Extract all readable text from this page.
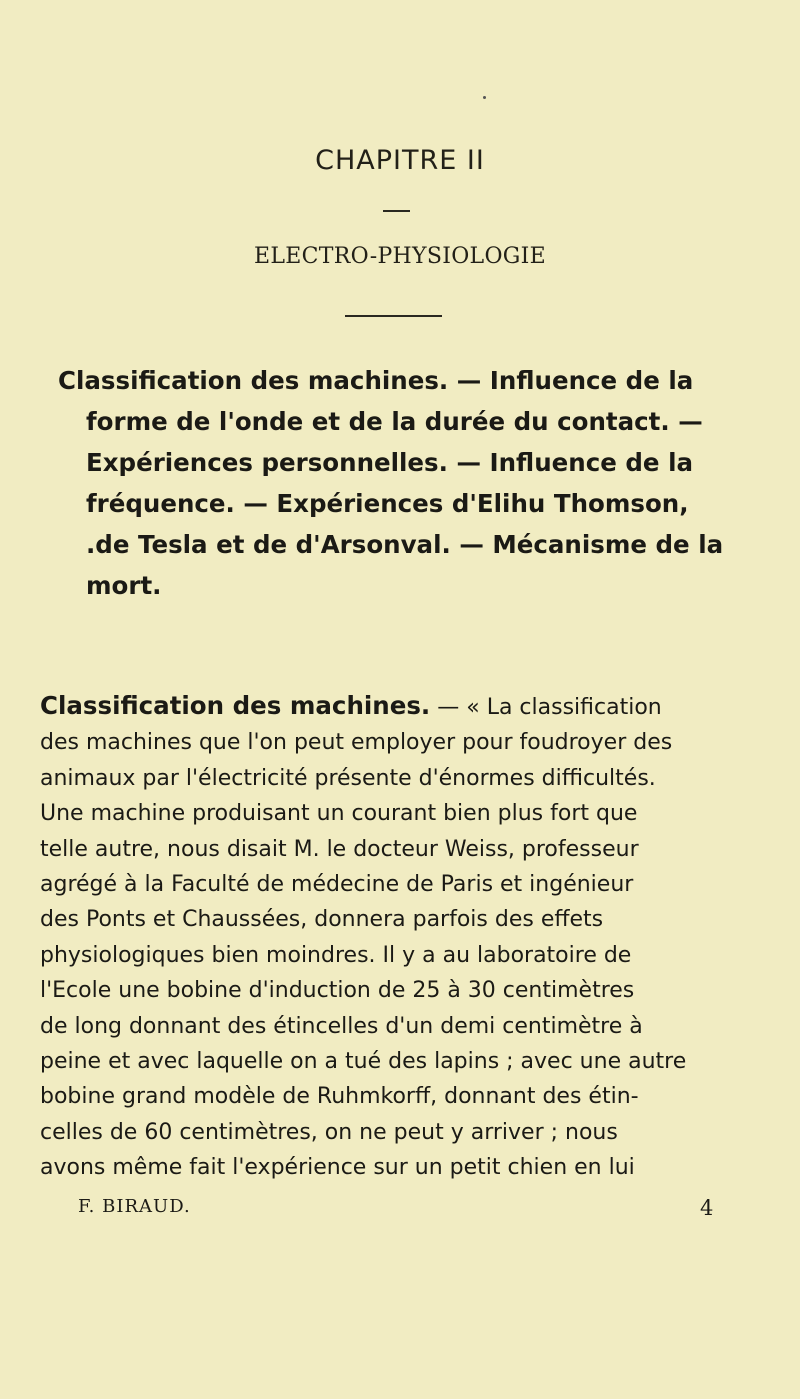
CHAPITRE II
ELECTRO-PHYSIOLOGIE
Classification des machines. — Influence de la
forme de l'onde et de la durée du contact. —
Expériences personnelles. — Influence de la
fréquence. — Expériences d'Elihu Thomson,
.de Tesla et de d'Arsonval. — Mécanisme de la
mort.
Classification des machines. — « La classification
des machines que l'on peut employer pour foudroyer des
animaux par l'électricité présente d'énormes difficultés.
Une machine produisant un courant bien plus fort que
telle autre, nous disait M. le docteur Weiss, professeur
agrégé à la Faculté de médecine de Paris et ingénieur
des Ponts et Chaussées, donnera parfois des effets
physiologiques bien moindres. Il y a au laboratoire de
l'Ecole une bobine d'induction de 25 à 30 centimètres
de long donnant des étincelles d'un demi centimètre à
peine et avec laquelle on a tué des lapins ; avec une autre
bobine grand modèle de Ruhmkorff, donnant des étin-
celles de 60 centimètres, on ne peut y arriver ; nous
avons même fait l'expérience sur un petit chien en lui
F. BIRAUD.	4
